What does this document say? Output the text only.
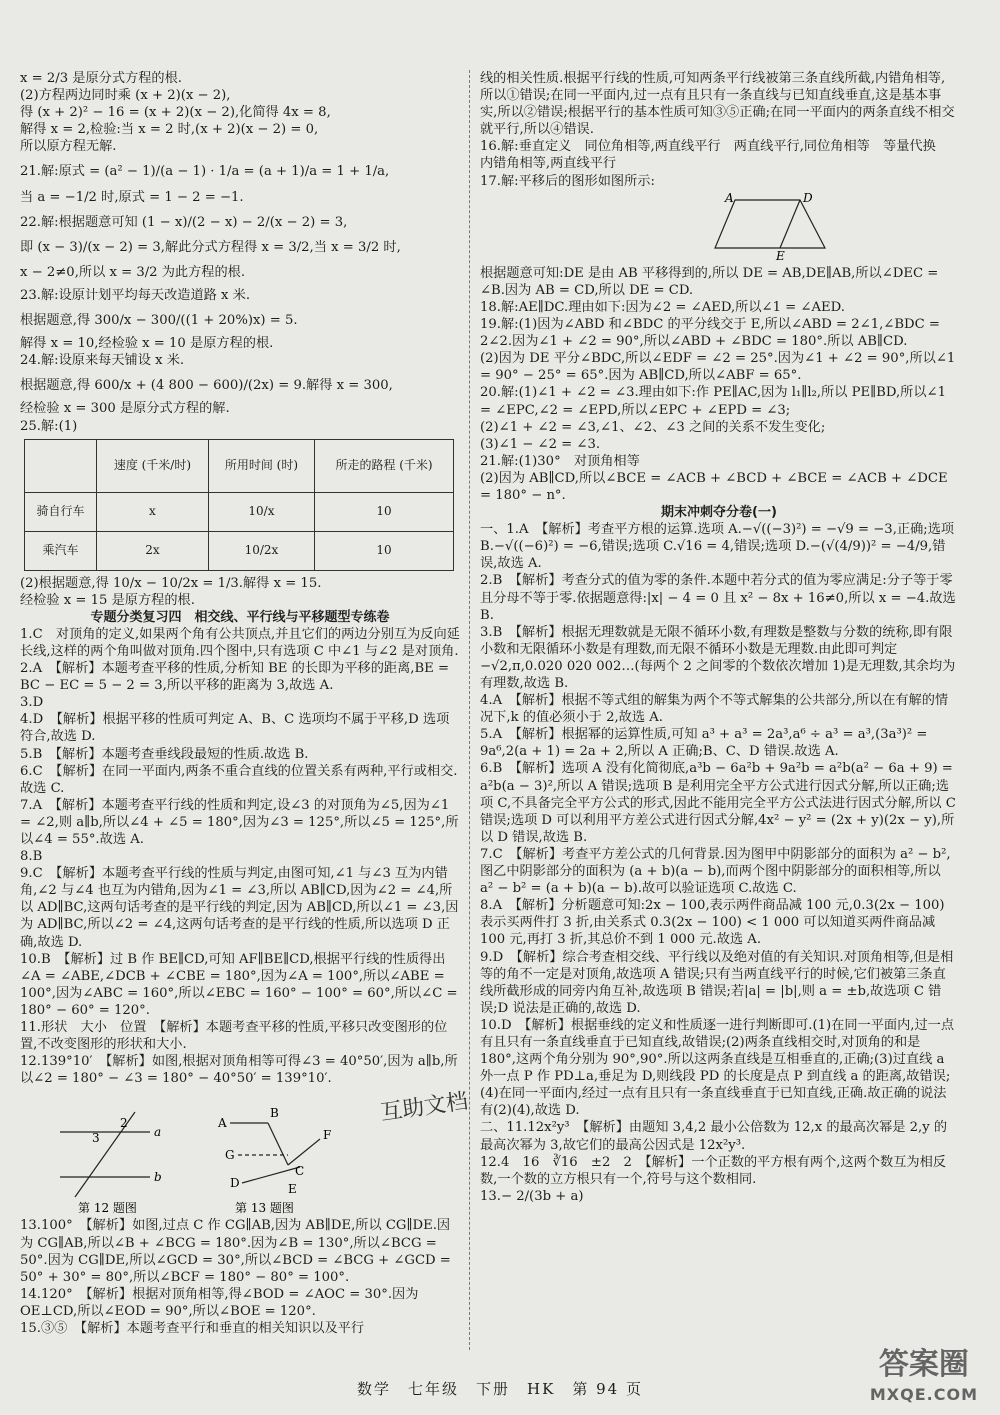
x = 2/3 是原分式方程的根.
(2)方程两边同时乘 (x + 2)(x − 2),
得 (x + 2)² − 16 = (x + 2)(x − 2),化简得 4x = 8,
解得 x = 2,检验:当 x = 2 时,(x + 2)(x − 2) = 0,
所以原方程无解.
21.解:原式 = (a² − 1)/(a − 1) · 1/a = (a + 1)/a = 1 + 1/a,
当 a = −1/2 时,原式 = 1 − 2 = −1.
22.解:根据题意可知 (1 − x)/(2 − x) − 2/(x − 2) = 3,
即 (x − 3)/(x − 2) = 3,解此分式方程得 x = 3/2,当 x = 3/2 时,
x − 2≠0,所以 x = 3/2 为此方程的根.
23.解:设原计划平均每天改造道路 x 米.
根据题意,得 300/x − 300/((1 + 20%)x) = 5.
解得 x = 10,经检验 x = 10 是原方程的根.
24.解:设原来每天铺设 x 米.
根据题意,得 600/x + (4 800 − 600)/(2x) = 9.解得 x = 300,
经检验 x = 300 是原分式方程的解.
25.解:(1)
	速度 (千米/时)	所用时间 (时)	所走的路程 (千米)
骑自行车	x	10/x	10
乘汽车	2x	10/2x	10
(2)根据题意,得 10/x − 10/2x = 1/3.解得 x = 15.
经检验 x = 15 是原方程的根.
专题分类复习四　相交线、平行线与平移题型专练卷
1.C　对顶角的定义,如果两个角有公共顶点,并且它们的两边分别互为反向延长线,这样的两个角叫做对顶角.四个图中,只有选项 C 中∠1 与∠2 是对顶角.
2.A　【解析】本题考查平移的性质,分析知 BE 的长即为平移的距离,BE = BC − EC = 5 − 2 = 3,所以平移的距离为 3,故选 A.
3.D
4.D　【解析】根据平移的性质可判定 A、B、C 选项均不属于平移,D 选项符合,故选 D.
5.B　【解析】本题考查垂线段最短的性质.故选 B.
6.C　【解析】在同一平面内,两条不重合直线的位置关系有两种,平行或相交.故选 C.
7.A　【解析】本题考查平行线的性质和判定,设∠3 的对顶角为∠5,因为∠1 = ∠2,则 a∥b,所以∠4 + ∠5 = 180°,因为∠3 = 125°,所以∠5 = 125°,所以∠4 = 55°.故选 A.
8.B
9.C　【解析】本题考查平行线的性质与判定,由图可知,∠1 与∠3 互为内错角,∠2 与∠4 也互为内错角,因为∠1 = ∠3,所以 AB∥CD,因为∠2 = ∠4,所以 AD∥BC,这两句话考查的是平行线的判定,因为 AB∥CD,所以∠1 = ∠3,因为 AD∥BC,所以∠2 = ∠4,这两句话考查的是平行线的性质,所以选项 D 正确,故选 D.
10.B　【解析】过 B 作 BE∥CD,可知 AF∥BE∥CD,根据平行线的性质得出∠A = ∠ABE,∠DCB + ∠CBE = 180°,因为∠A = 100°,所以∠ABE = 100°,因为∠ABC = 160°,所以∠EBC = 160° − 100° = 60°,所以∠C = 180° − 60° = 120°.
11.形状　大小　位置　【解析】本题考查平移的性质,平移只改变图形的位置,不改变图形的形状和大小.
12.139°10′　【解析】如图,根据对顶角相等可得∠3 = 40°50′,因为 a∥b,所以∠2 = 180° − ∠3 = 180° − 40°50′ = 139°10′.
3
2
a
b
第 12 题图
A
B
G
F
C
D	E
第 13 题图
13.100°　【解析】如图,过点 C 作 CG∥AB,因为 AB∥DE,所以 CG∥DE.因为 CG∥AB,所以∠B + ∠BCG = 180°.因为∠B = 130°,所以∠BCG = 50°.因为 CG∥DE,所以∠GCD = 30°,所以∠BCD = ∠BCG + ∠GCD = 50° + 30° = 80°,所以∠BCF = 180° − 80° = 100°.
14.120°　【解析】根据对顶角相等,得∠BOD = ∠AOC = 30°.因为 OE⊥CD,所以∠EOD = 90°,所以∠BOE = 120°.
15.③⑤　【解析】本题考查平行和垂直的相关知识以及平行
线的相关性质.根据平行线的性质,可知两条平行线被第三条直线所截,内错角相等,所以①错误;在同一平面内,过一点有且只有一条直线与已知直线垂直,这是基本事实,所以②错误;根据平行的基本性质可知③⑤正确;在同一平面内的两条直线不相交就平行,所以④错误.
16.解:垂直定义　同位角相等,两直线平行　两直线平行,同位角相等　等量代换　内错角相等,两直线平行
17.解:平移后的图形如图所示:
A	D
E
根据题意可知:DE 是由 AB 平移得到的,所以 DE = AB,DE∥AB,所以∠DEC = ∠B.因为 AB = CD,所以 DE = CD.
18.解:AE∥DC.理由如下:因为∠2 = ∠AED,所以∠1 = ∠AED.
19.解:(1)因为∠ABD 和∠BDC 的平分线交于 E,所以∠ABD = 2∠1,∠BDC = 2∠2.因为∠1 + ∠2 = 90°,所以∠ABD + ∠BDC = 180°.所以 AB∥CD.
(2)因为 DE 平分∠BDC,所以∠EDF = ∠2 = 25°.因为∠1 + ∠2 = 90°,所以∠1 = 90° − 25° = 65°.因为 AB∥CD,所以∠ABF = 65°.
20.解:(1)∠1 + ∠2 = ∠3.理由如下:作 PE∥AC,因为 l₁∥l₂,所以 PE∥BD,所以∠1 = ∠EPC,∠2 = ∠EPD,所以∠EPC + ∠EPD = ∠3;
(2)∠1 + ∠2 = ∠3,∠1、∠2、∠3 之间的关系不发生变化;
(3)∠1 − ∠2 = ∠3.
21.解:(1)30°　对顶角相等
(2)因为 AB∥CD,所以∠BCE = ∠ACB + ∠BCD + ∠BCE = ∠ACB + ∠DCE = 180° − n°.
期末冲刺夺分卷(一)
一、1.A　【解析】考查平方根的运算.选项 A.−√((−3)²) = −√9 = −3,正确;选项 B.−√((−6)²) = −6,错误;选项 C.√16 = 4,错误;选项 D.−(√(4/9))² = −4/9,错误,故选 A.
2.B　【解析】考查分式的值为零的条件.本题中若分式的值为零应满足:分子等于零且分母不等于零.依据题意得:|x| − 4 = 0 且 x² − 8x + 16≠0,所以 x = −4.故选 B.
3.B　【解析】根据无理数就是无限不循环小数,有理数是整数与分数的统称,即有限小数和无限循环小数是有理数,而无限不循环小数是无理数.由此即可判定 −√2,π,0.020 020 002…(每两个 2 之间零的个数依次增加 1)是无理数,其余均为有理数,故选 B.
4.A　【解析】根据不等式组的解集为两个不等式解集的公共部分,所以在有解的情况下,k 的值必须小于 2,故选 A.
5.A　【解析】根据幂的运算性质,可知 a³ + a³ = 2a³,a⁶ ÷ a³ = a³,(3a³)² = 9a⁶,2(a + 1) = 2a + 2,所以 A 正确;B、C、D 错误.故选 A.
6.B　【解析】选项 A 没有化简彻底,a³b − 6a²b + 9a²b = a²b(a² − 6a + 9) = a²b(a − 3)²,所以 A 错误;选项 B 是利用完全平方公式进行因式分解,所以正确;选项 C,不具备完全平方公式的形式,因此不能用完全平方公式法进行因式分解,所以 C 错误;选项 D 可以利用平方差公式进行因式分解,4x² − y² = (2x + y)(2x − y),所以 D 错误,故选 B.
7.C　【解析】考查平方差公式的几何背景.因为图甲中阴影部分的面积为 a² − b²,图乙中阴影部分的面积为 (a + b)(a − b),而两个图中阴影部分的面积相等,所以 a² − b² = (a + b)(a − b).故可以验证选项 C.故选 C.
8.A　【解析】分析题意可知:2x − 100,表示两件商品减 100 元,0.3(2x − 100) 表示买两件打 3 折,由关系式 0.3(2x − 100) < 1 000 可以知道买两件商品减 100 元,再打 3 折,其总价不到 1 000 元.故选 A.
9.D　【解析】综合考查相交线、平行线以及绝对值的有关知识.对顶角相等,但是相等的角不一定是对顶角,故选项 A 错误;只有当两直线平行的时候,它们被第三条直线所截形成的同旁内角互补,故选项 B 错误;若|a| = |b|,则 a = ±b,故选项 C 错误;D 说法是正确的,故选 D.
10.D　【解析】根据垂线的定义和性质逐一进行判断即可.(1)在同一平面内,过一点有且只有一条直线垂直于已知直线,故错误;(2)两条直线相交时,对顶角的和是 180°,这两个角分别为 90°,90°.所以这两条直线是互相垂直的,正确;(3)过直线 a 外一点 P 作 PD⊥a,垂足为 D,则线段 PD 的长度是点 P 到直线 a 的距离,故错误;(4)在同一平面内,经过一点有且只有一条直线垂直于已知直线,正确.故正确的说法有(2)(4),故选 D.
二、11.12x²y³　【解析】由题知 3,4,2 最小公倍数为 12,x 的最高次幂是 2,y 的最高次幂为 3,故它们的最高公因式是 12x²y³.
12.4　16　∛16　±2　2　【解析】一个正数的平方根有两个,这两个数互为相反数,一个数的立方根只有一个,符号与这个数相同.
13.− 2/(3b + a)
互助文档
答案圈
MXQE.COM
数学　七年级　下册　HK　第 94 页
